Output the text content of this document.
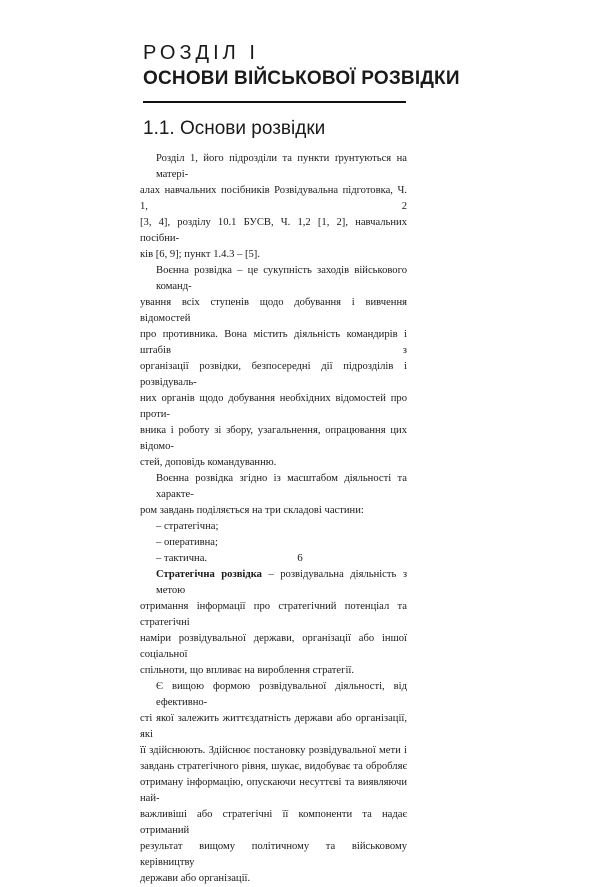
РОЗДІЛ І
ОСНОВИ ВІЙСЬКОВОЇ РОЗВІДКИ
1.1. Основи розвідки

Розділ 1, його підрозділи та пункти ґрунтуються на матері-
алах навчальних посібників Розвідувальна підготовка, Ч. 1, 2
[3, 4], розділу 10.1 БУСВ, Ч. 1,2 [1, 2], навчальних посібни-
ків [6, 9]; пункт 1.4.3 – [5].

Воєнна розвідка – це сукупність заходів військового команд-
ування всіх ступенів щодо добування і вивчення відомостей
про противника. Вона містить діяльність командирів і штабів з
організації розвідки, безпосередні дії підрозділів і розвідуваль-
них органів щодо добування необхідних відомостей про проти-
вника і роботу зі збору, узагальнення, опрацювання цих відомо-
стей, доповідь командуванню.

Воєнна розвідка згідно із масштабом діяльності та характе-
ром завдань поділяється на три складові частини:

– стратегічна;
– оперативна;
– тактична.

Стратегічна розвідка – розвідувальна діяльність з метою
отримання інформації про стратегічний потенціал та стратегічні
наміри розвідувальної держави, організації або іншої соціальної
спільноти, що впливає на вироблення стратегії.

Є вищою формою розвідувальної діяльності, від ефективно-
сті якої залежить життєздатність держави або організації, які
її здійснюють. Здійснює постановку розвідувальної мети і
завдань стратегічного рівня, шукає, видобуває та обробляє
отриману інформацію, опускаючи несуттєві та виявляючи най-
важливіші або стратегічні її компоненти та надає отриманий
результат вищому політичному та військовому керівництву
держави або організації.

6
